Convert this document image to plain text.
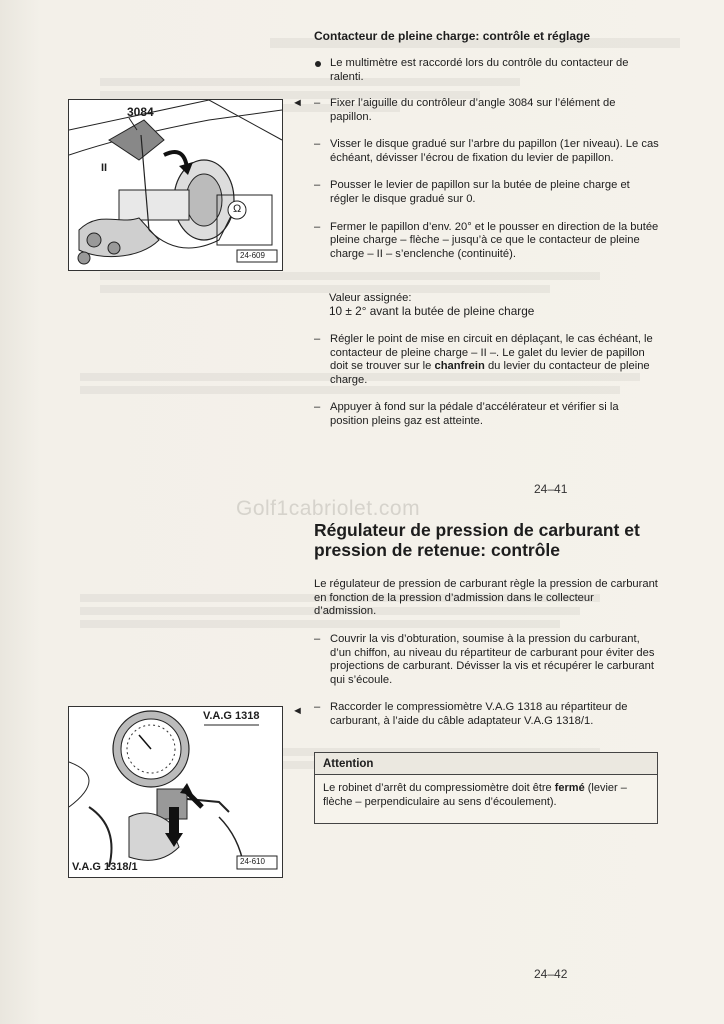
Contacteur de pleine charge: contrôle et réglage
Le multimètre est raccordé lors du contrôle du contacteur de ralenti.
◄ – Fixer l’aiguille du contrôleur d’angle 3084 sur l’élément de papillon.
– Visser le disque gradué sur l’arbre du papillon (1er niveau). Le cas échéant, dévisser l’écrou de fixation du levier de papillon.
– Pousser le levier de papillon sur la butée de pleine charge et régler le disque gradué sur 0.
– Fermer le papillon d’env. 20° et le pousser en direction de la butée pleine charge – flèche – jusqu’à ce que le contacteur de pleine charge – II – s’enclenche (continuité).
Valeur assignée:
10 ± 2° avant la butée de pleine charge
– Régler le point de mise en circuit en déplaçant, le cas échéant, le contacteur de pleine charge – II –. Le galet du levier de papillon doit se trouver sur le chanfrein du levier du contacteur de pleine charge.
– Appuyer à fond sur la pédale d’accélérateur et vérifier si la position pleins gaz est atteinte.
24–41
3084
II
Ω
24-609
Golf1cabriolet.com
Régulateur de pression de carburant et
pression de retenue: contrôle
Le régulateur de pression de carburant règle la pression de carburant en fonction de la pression d’admission dans le collecteur d’admission.
– Couvrir la vis d’obturation, soumise à la pression du carburant, d’un chiffon, au niveau du répartiteur de carburant pour éviter des projections de carburant. Dévisser la vis et récupérer le carburant qui s’écoule.
– Raccorder le compressiomètre V.A.G 1318 au répartiteur de carburant, à l’aide du câble adaptateur V.A.G 1318/1.
◄
Attention
Le robinet d’arrêt du compressiomètre doit être fermé (levier – flèche – perpendiculaire au sens d’écoulement).
V.A.G 1318
V.A.G 1318/1	24-610
24–42
